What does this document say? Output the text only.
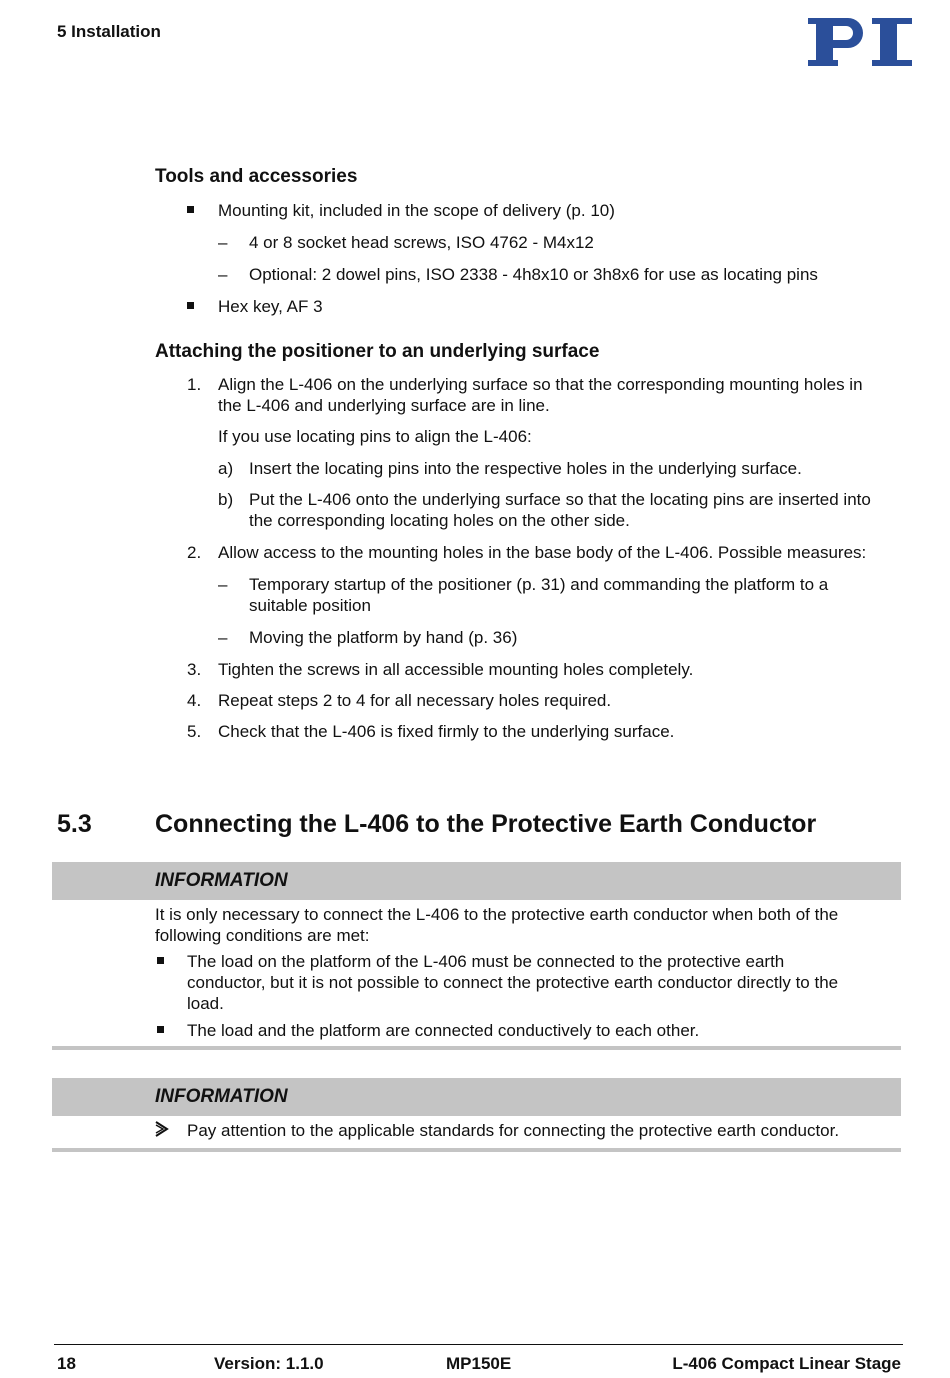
5 Installation
Tools and accessories
Mounting kit, included in the scope of delivery (p. 10)
– 4 or 8 socket head screws, ISO 4762 - M4x12
– Optional: 2 dowel pins, ISO 2338 - 4h8x10 or 3h8x6 for use as locating pins
Hex key, AF 3
Attaching the positioner to an underlying surface
1. Align the L-406 on the underlying surface so that the corresponding mounting holes in
the L-406 and underlying surface are in line.
If you use locating pins to align the L-406:
a) Insert the locating pins into the respective holes in the underlying surface.
b) Put the L-406 onto the underlying surface so that the locating pins are inserted into
the corresponding locating holes on the other side.
2. Allow access to the mounting holes in the base body of the L-406. Possible measures:
– Temporary startup of the positioner (p. 31) and commanding the platform to a
suitable position
– Moving the platform by hand (p. 36)
3. Tighten the screws in all accessible mounting holes completely.
4. Repeat steps 2 to 4 for all necessary holes required.
5. Check that the L-406 is fixed firmly to the underlying surface.
5.3	Connecting the L-406 to the Protective Earth Conductor
INFORMATION
It is only necessary to connect the L-406 to the protective earth conductor when both of the
following conditions are met:
The load on the platform of the L-406 must be connected to the protective earth
conductor, but it is not possible to connect the protective earth conductor directly to the
load.
The load and the platform are connected conductively to each other.
INFORMATION
Pay attention to the applicable standards for connecting the protective earth conductor.
18	Version: 1.1.0	MP150E	L-406 Compact Linear Stage
